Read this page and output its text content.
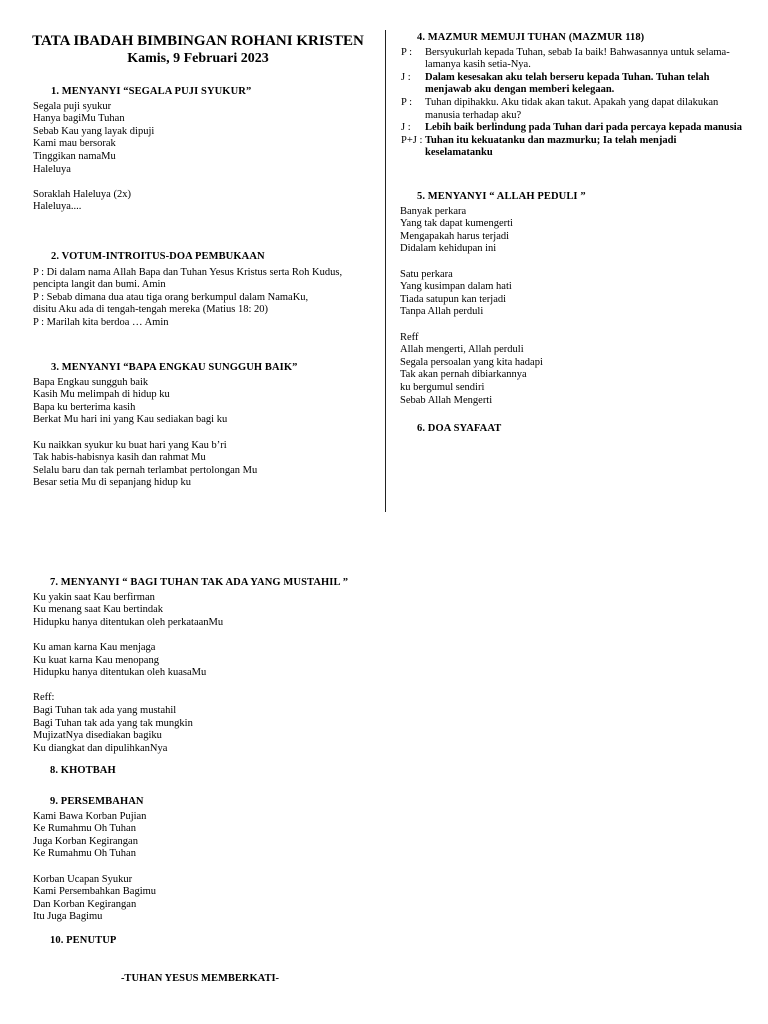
TATA IBADAH BIMBINGAN ROHANI KRISTEN
Kamis, 9 Februari 2023
1. MENYANYI “SEGALA PUJI SYUKUR”
Segala puji syukur
Hanya bagiMu Tuhan
Sebab Kau yang layak dipuji
Kami mau bersorak
Tinggikan namaMu
Haleluya
Soraklah Haleluya (2x)
Haleluya....
2. VOTUM-INTROITUS-DOA PEMBUKAAN
P : Di dalam nama Allah Bapa dan Tuhan Yesus Kristus serta Roh Kudus,
pencipta langit dan bumi. Amin
P : Sebab dimana dua atau tiga orang berkumpul dalam NamaKu,
disitu Aku ada di tengah-tengah mereka (Matius 18: 20)
P : Marilah kita berdoa … Amin
3. MENYANYI “BAPA ENGKAU SUNGGUH BAIK”
Bapa Engkau sungguh baik
Kasih Mu melimpah di hidup ku
Bapa ku berterima kasih
Berkat Mu hari ini yang Kau sediakan bagi ku
Ku naikkan syukur ku buat hari yang Kau b’ri
Tak habis-habisnya kasih dan rahmat Mu
Selalu baru dan tak pernah terlambat pertolongan Mu
Besar setia Mu di sepanjang hidup ku
4. MAZMUR MEMUJI TUHAN (MAZMUR 118)
P :	Bersyukurlah kepada Tuhan, sebab Ia baik! Bahwasannya untuk selama- lamanya kasih setia-Nya.
J :	Dalam kesesakan aku telah berseru kepada Tuhan. Tuhan telah menjawab aku dengan memberi kelegaan.
P :	Tuhan dipihakku. Aku tidak akan takut. Apakah yang dapat dilakukan manusia terhadap aku?
J :	Lebih baik berlindung pada Tuhan dari pada percaya kepada manusia
P+J : Tuhan itu kekuatanku dan mazmurku; Ia telah menjadi keselamatanku
5. MENYANYI “ ALLAH PEDULI ”
Banyak perkara
Yang tak dapat kumengerti
Mengapakah harus terjadi
Didalam kehidupan ini
Satu perkara
Yang kusimpan dalam hati
Tiada satupun kan terjadi
Tanpa Allah perduli
Reff
Allah mengerti, Allah perduli
Segala persoalan yang kita hadapi
Tak akan pernah dibiarkannya
ku bergumul sendiri
Sebab Allah Mengerti
6. DOA SYAFAAT
7. MENYANYI “ BAGI TUHAN TAK ADA YANG MUSTAHIL ”
Ku yakin saat Kau berfirman
Ku menang saat Kau bertindak
Hidupku hanya ditentukan oleh perkataanMu
Ku aman karna Kau menjaga
Ku kuat karna Kau menopang
Hidupku hanya ditentukan oleh kuasaMu
Reff:
Bagi Tuhan tak ada yang mustahil
Bagi Tuhan tak ada yang tak mungkin
MujizatNya disediakan bagiku
Ku diangkat dan dipulihkanNya
8. KHOTBAH
9. PERSEMBAHAN
Kami Bawa Korban Pujian
Ke Rumahmu Oh Tuhan
Juga Korban Kegirangan
Ke Rumahmu Oh Tuhan
Korban Ucapan Syukur
Kami Persembahkan Bagimu
Dan Korban Kegirangan
Itu Juga Bagimu
10. PENUTUP
-TUHAN YESUS MEMBERKATI-
